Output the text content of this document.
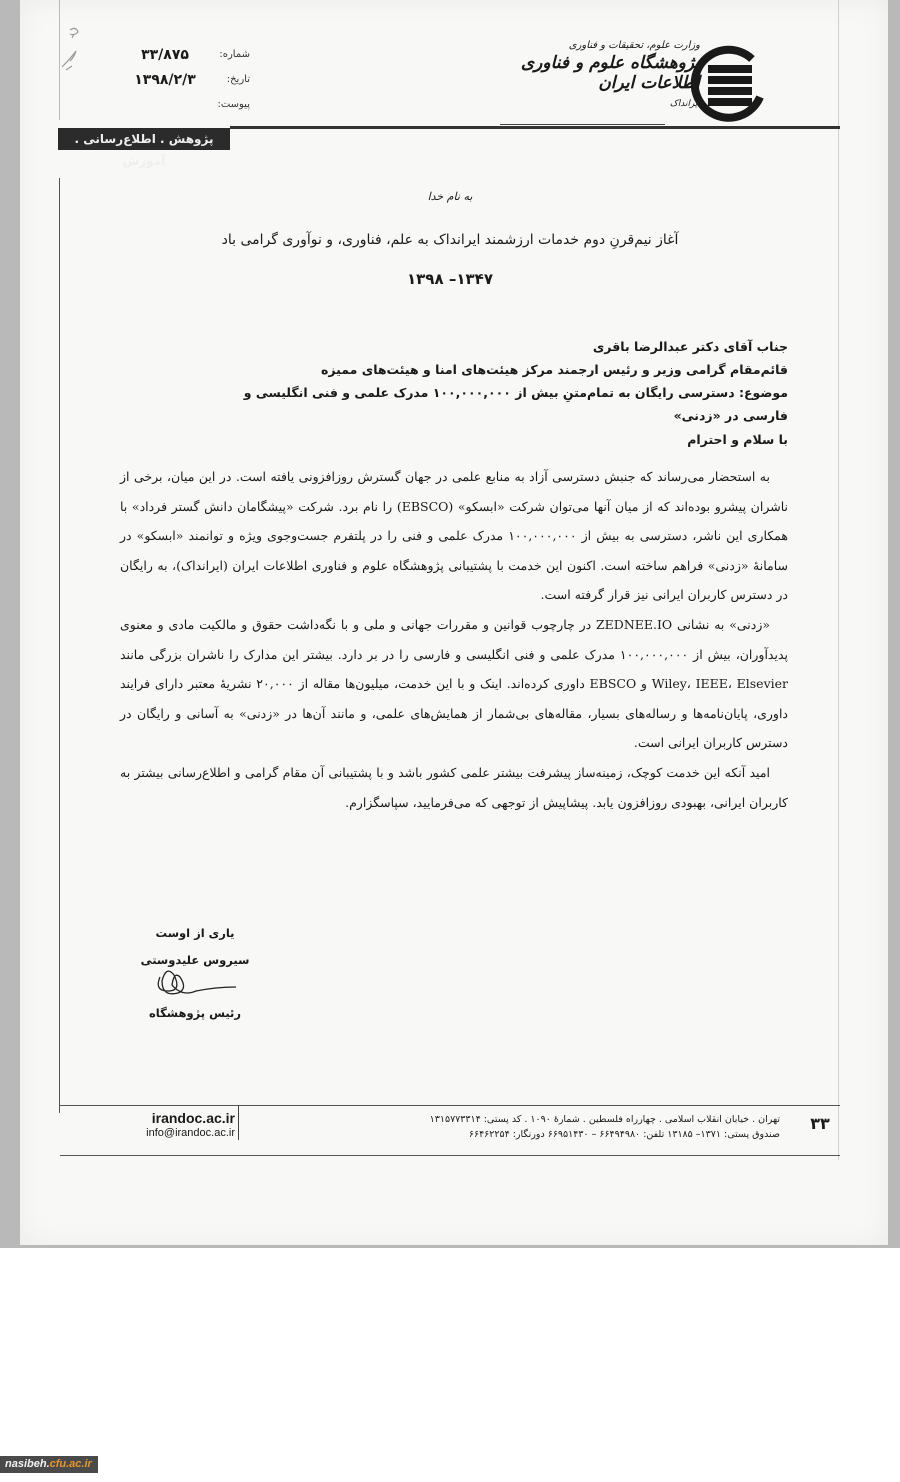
شماره:
۳۳/۸۷۵
تاریخ:
۱۳۹۸/۲/۳
پیوست:
پژوهش . اطلاع‌رسانی . آموزش
وزارت علوم، تحقیقات و فناوری
پژوهشگاه علوم و فناوری اطلاعات ایران
ایرانداک
به نام خدا
آغاز نیم‌قرنِ دوم خدمات ارزشمند ایرانداک به علم، فناوری، و نوآوری گرامی باد
۱۳۴۷– ۱۳۹۸
جناب آقای دکتر عبدالرضا باقری
قائم‌مقام گرامی وزیر و رئیس ارجمند مرکز هیئت‌های امنا و هیئت‌های ممیزه
موضوع: دسترسی رایگان به تمام‌متنِ بیش از ۱۰۰,۰۰۰,۰۰۰ مدرک علمی و فنی انگلیسی و فارسی در «زدنی»
با سلام و احترام

به استحضار می‌رساند که جنبش دسترسی آزاد به منابع علمی در جهان گسترش روزافزونی یافته است. در این میان، برخی از ناشران پیشرو بوده‌اند که از میان آنها می‌توان شرکت «ابسکو» (EBSCO) را نام برد. شرکت «پیشگامان دانش گستر فرداد» با همکاری این ناشر، دسترسی به بیش از ۱۰۰,۰۰۰,۰۰۰ مدرک علمی و فنی را در پلتفرم جست‌وجوی ویژه و توانمند «ابسکو» در سامانهٔ «زدنی» فراهم ساخته است. اکنون این خدمت با پشتیبانی پژوهشگاه علوم و فناوری اطلاعات ایران (ایرانداک)، به رایگان در دسترس کاربران ایرانی نیز قرار گرفته است.

«زدنی» به نشانی ZEDNEE.IO در چارچوب قوانین و مقررات جهانی و ملی و با نگه‌داشت حقوق و مالکیت مادی و معنوی پدیدآوران، بیش از ۱۰۰,۰۰۰,۰۰۰ مدرک علمی و فنی انگلیسی و فارسی را در بر دارد. بیشتر این مدارک را ناشران بزرگی مانند Wiley، IEEE، Elsevier و EBSCO داوری کرده‌اند. اینک و با این خدمت، میلیون‌ها مقاله از ۲۰,۰۰۰ نشریهٔ معتبر دارای فرایند داوری، پایان‌نامه‌ها و رساله‌های بسیار، مقاله‌های بی‌شمار از همایش‌های علمی، و مانند آن‌ها در «زدنی» به آسانی و رایگان در دسترس کاربران ایرانی است.

امید آنکه این خدمت کوچک، زمینه‌ساز پیشرفت بیشتر علمی کشور باشد و با پشتیبانی آن مقام گرامی و اطلاع‌رسانی بیشتر به کاربران ایرانی، بهبودی روزافزون یابد. پیشاپیش از توجهی که می‌فرمایید، سپاسگزارم.

یاری از اوست
سیروس علیدوستی
رئیس پژوهشگاه
irandoc.ac.ir
info@irandoc.ac.ir
تهران . خیابان انقلاب اسلامی . چهارراه فلسطین . شمارهٔ ۱۰۹۰ . کد پستی: ۱۳۱۵۷۷۳۳۱۴
صندوق پستی: ۱۳۷۱– ۱۳۱۸۵ تلفن: ۶۶۴۹۴۹۸۰ – ۶۶۹۵۱۴۳۰ دورنگار: ۶۶۴۶۲۲۵۴
۳۳
nasibeh.cfu.ac.ir
